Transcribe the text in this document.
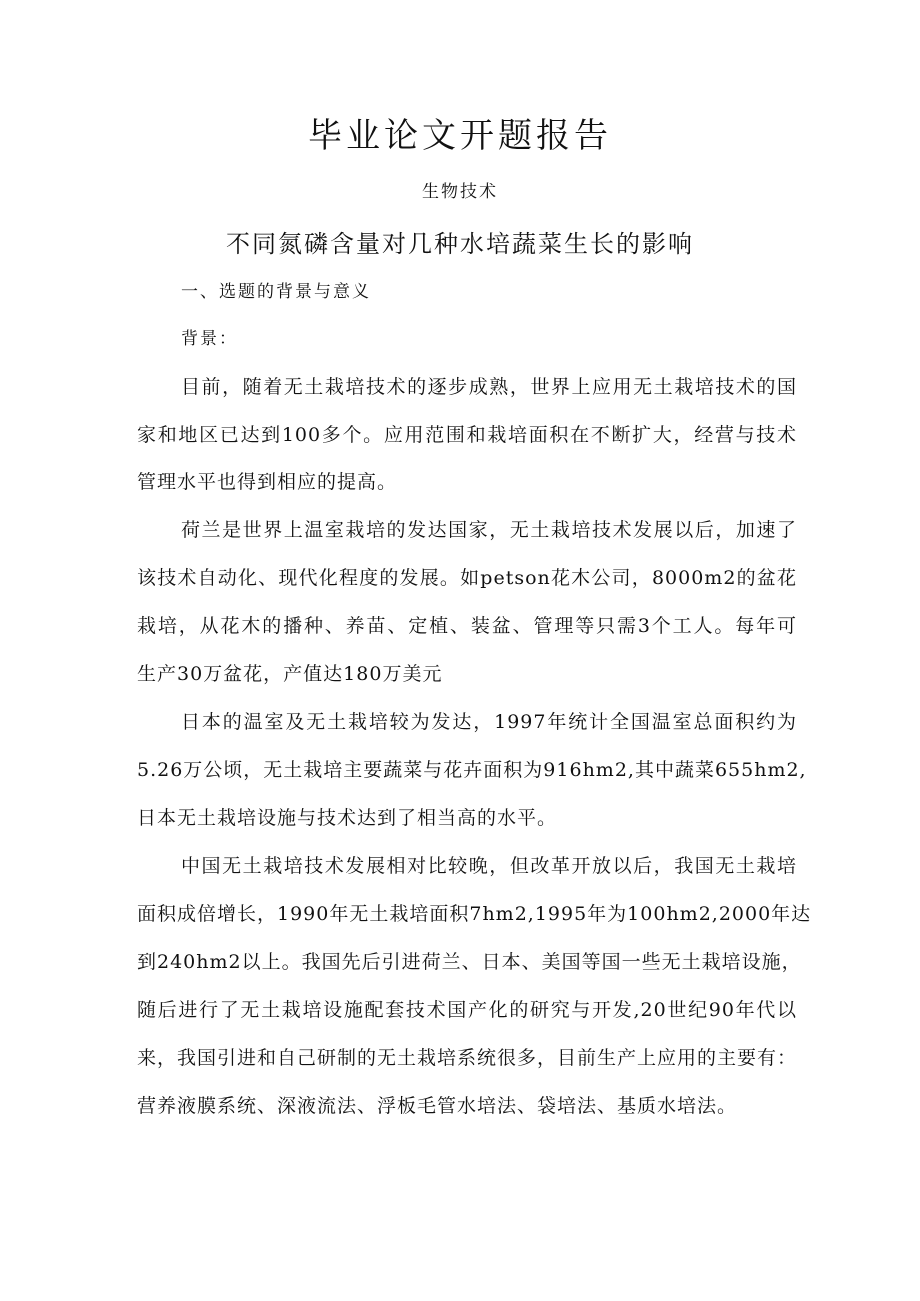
毕业论文开题报告

生物技术

不同氮磷含量对几种水培蔬菜生长的影响
一、选题的背景与意义

背景：

目前，随着无土栽培技术的逐步成熟，世界上应用无土栽培技术的国

家和地区已达到100多个。应用范围和栽培面积在不断扩大，经营与技术

管理水平也得到相应的提高。

荷兰是世界上温室栽培的发达国家，无土栽培技术发展以后，加速了

该技术自动化、现代化程度的发展。如petson花木公司，8000m2的盆花

栽培，从花木的播种、养苗、定植、装盆、管理等只需3个工人。每年可

生产30万盆花，产值达180万美元

日本的温室及无土栽培较为发达，1997年统计全国温室总面积约为

5.26万公顷，无土栽培主要蔬菜与花卉面积为916hm2,其中蔬菜655hm2,

日本无土栽培设施与技术达到了相当高的水平。

中国无土栽培技术发展相对比较晚，但改革开放以后，我国无土栽培

面积成倍增长，1990年无土栽培面积7hm2,1995年为100hm2,2000年达

到240hm2以上。我国先后引进荷兰、日本、美国等国一些无土栽培设施，

随后进行了无土栽培设施配套技术国产化的研究与开发,20世纪90年代以

来，我国引进和自己研制的无土栽培系统很多，目前生产上应用的主要有：

营养液膜系统、深液流法、浮板毛管水培法、袋培法、基质水培法。
